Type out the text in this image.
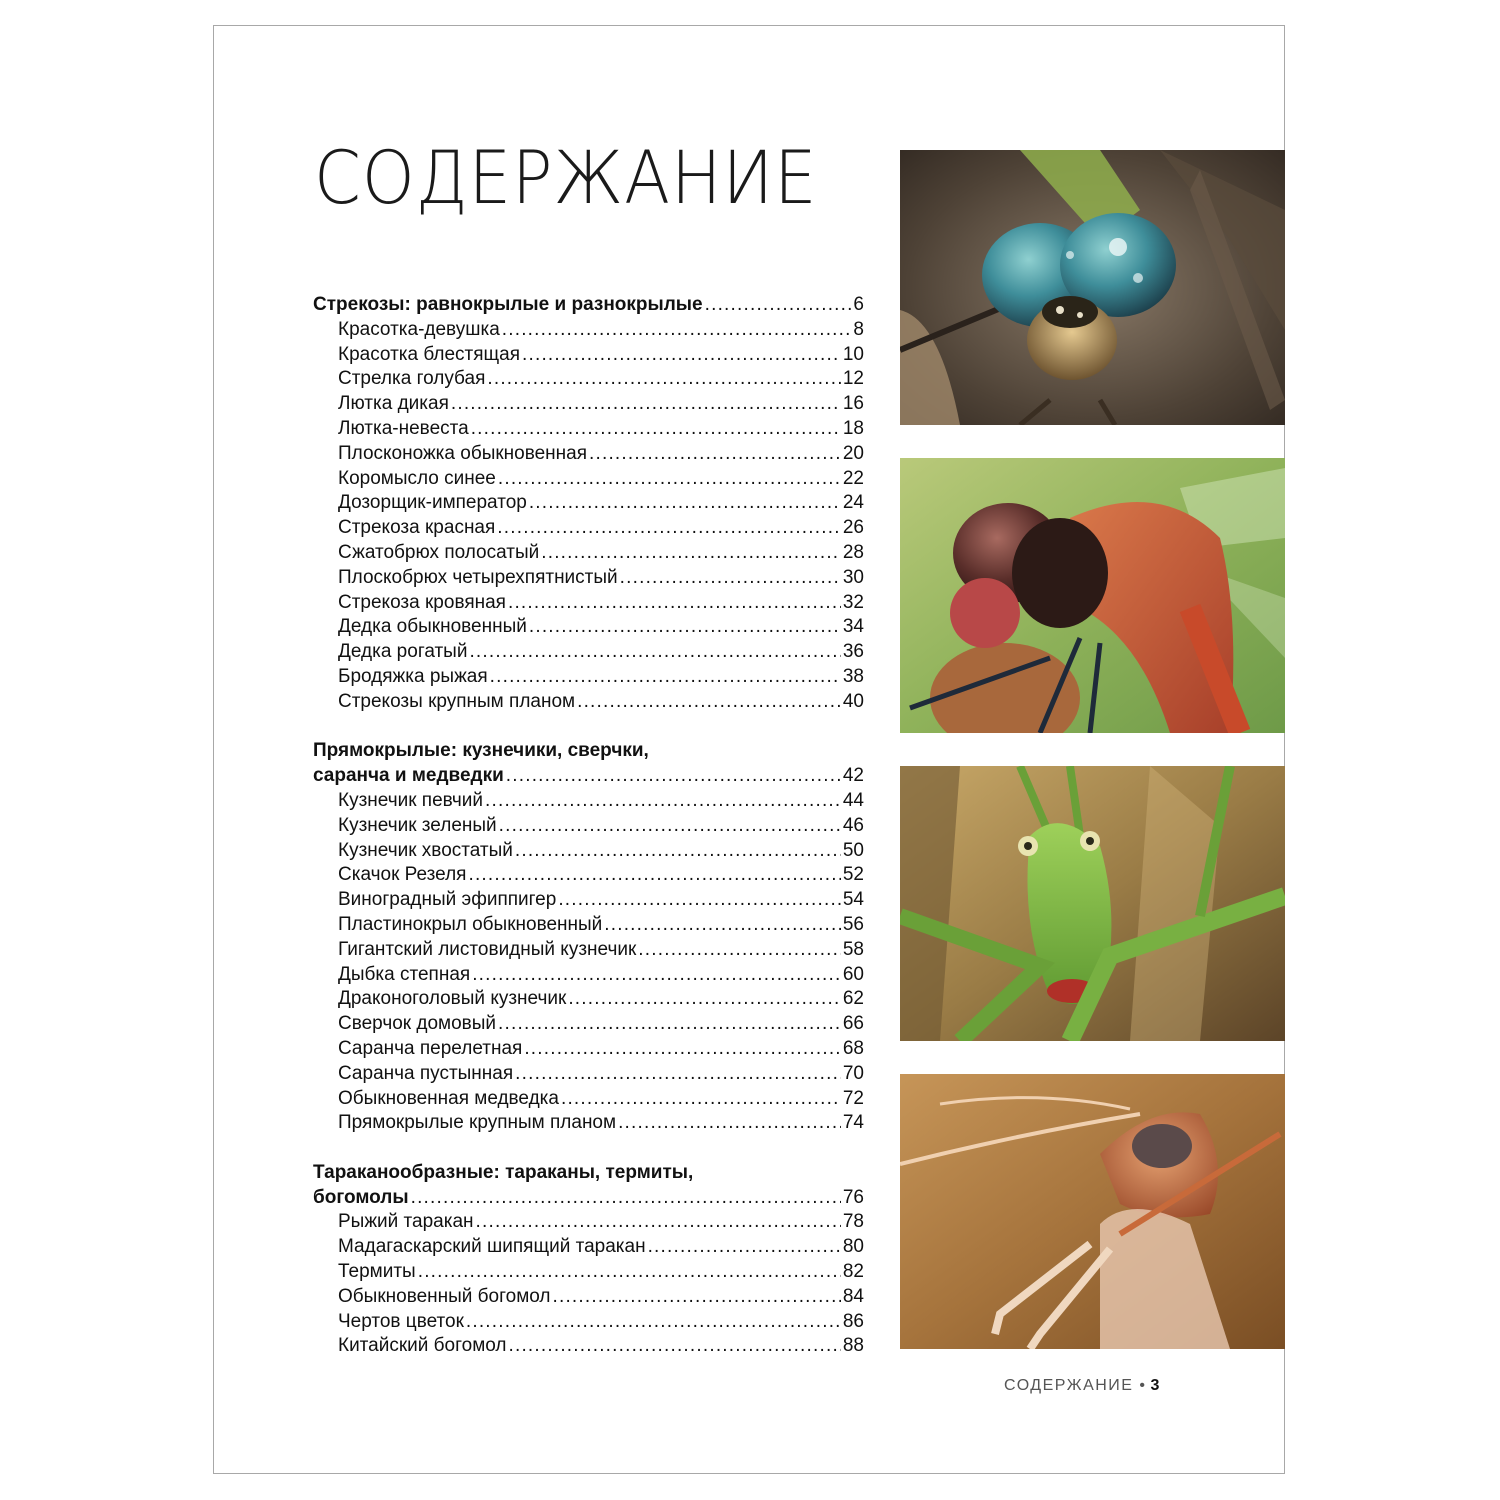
СОДЕРЖАНИЕ
Стрекозы: равнокрылые и разнокрылые .....	6
Красотка-девушка .....	8
Красотка блестящая .....	10
Стрелка голубая .....	12
Лютка дикая .....	16
Лютка-невеста .....	18
Плосконожка обыкновенная .....	20
Коромысло синее .....	22
Дозорщик-император .....	24
Стрекоза красная .....	26
Сжатобрюх полосатый .....	28
Плоскобрюх четырехпятнистый .....	30
Стрекоза кровяная .....	32
Дедка обыкновенный .....	34
Дедка рогатый .....	36
Бродяжка рыжая .....	38
Стрекозы крупным планом .....	40
Прямокрылые: кузнечики, сверчки,
саранча и медведки .....	42
Кузнечик певчий .....	44
Кузнечик зеленый .....	46
Кузнечик хвостатый .....	50
Скачок Резеля .....	52
Виноградный эфиппигер .....	54
Пластинокрыл обыкновенный .....	56
Гигантский листовидный кузнечик .....	58
Дыбка степная .....	60
Драконоголовый кузнечик .....	62
Сверчок домовый .....	66
Саранча перелетная .....	68
Саранча пустынная .....	70
Обыкновенная медведка .....	72
Прямокрылые крупным планом .....	74
Тараканообразные: тараканы, термиты,
богомолы .....	76
Рыжий таракан .....	78
Мадагаскарский шипящий таракан .....	80
Термиты .....	82
Обыкновенный богомол .....	84
Чертов цветок .....	86
Китайский богомол .....	88
СОДЕРЖАНИЕ • 3
